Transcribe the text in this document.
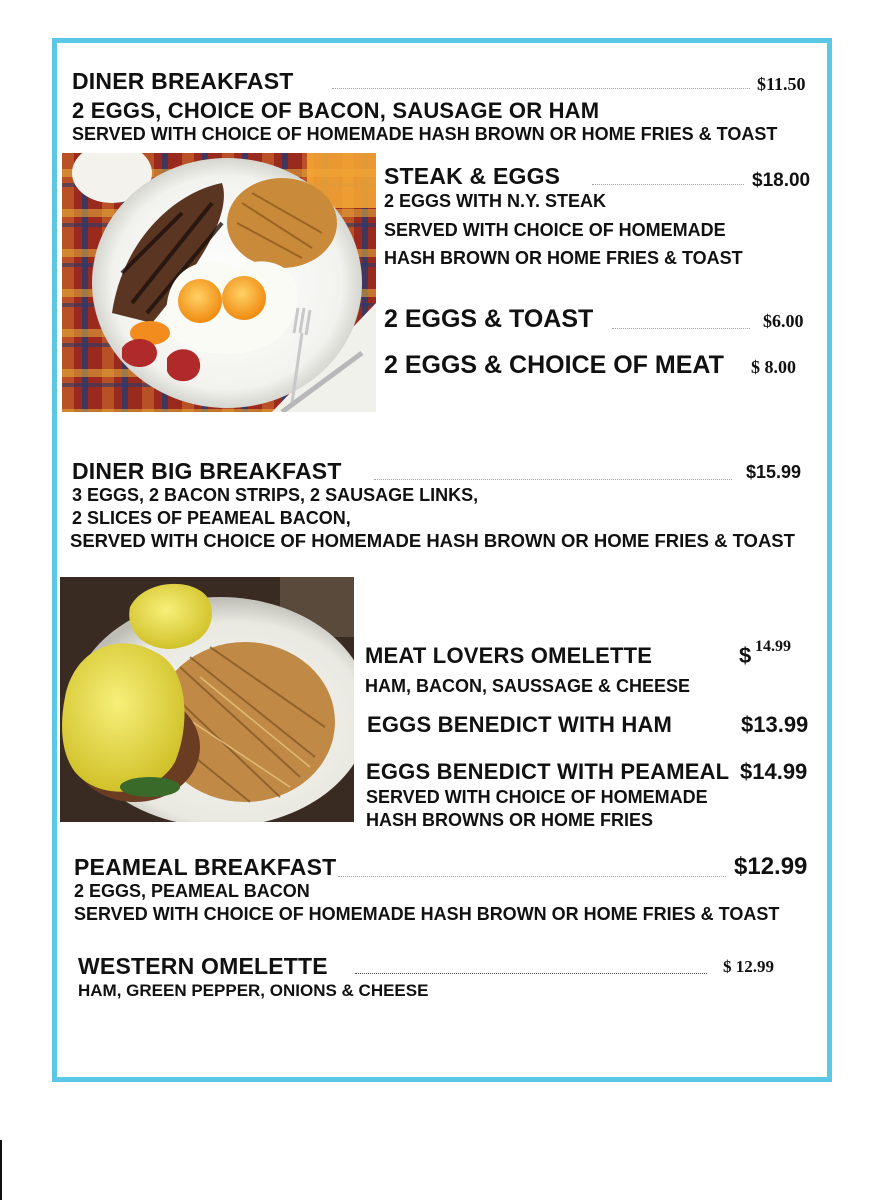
DINER BREAKFAST	$11.50
2 EGGS, CHOICE OF BACON, SAUSAGE OR HAM
SERVED WITH CHOICE OF HOMEMADE HASH BROWN OR HOME FRIES & TOAST
STEAK & EGGS	$18.00
2 EGGS WITH N.Y. STEAK
SERVED WITH CHOICE OF HOMEMADE
HASH BROWN OR HOME FRIES & TOAST
2 EGGS & TOAST	$6.00
2 EGGS & CHOICE OF MEAT $ 8.00
DINER BIG BREAKFAST	$15.99
3 EGGS, 2 BACON STRIPS, 2 SAUSAGE LINKS,
2 SLICES OF PEAMEAL BACON,
SERVED WITH CHOICE OF HOMEMADE HASH BROWN OR HOME FRIES & TOAST
MEAT LOVERS OMELETTE	$ 14.99
HAM, BACON, SAUSSAGE & CHEESE
EGGS BENEDICT WITH HAM	$13.99
EGGS BENEDICT WITH PEAMEAL $14.99
SERVED WITH CHOICE OF HOMEMADE
HASH BROWNS OR HOME FRIES
PEAMEAL BREAKFAST	$12.99
2 EGGS, PEAMEAL BACON
SERVED WITH CHOICE OF HOMEMADE HASH BROWN OR HOME FRIES & TOAST
WESTERN OMELETTE	$ 12.99
HAM, GREEN PEPPER, ONIONS & CHEESE
